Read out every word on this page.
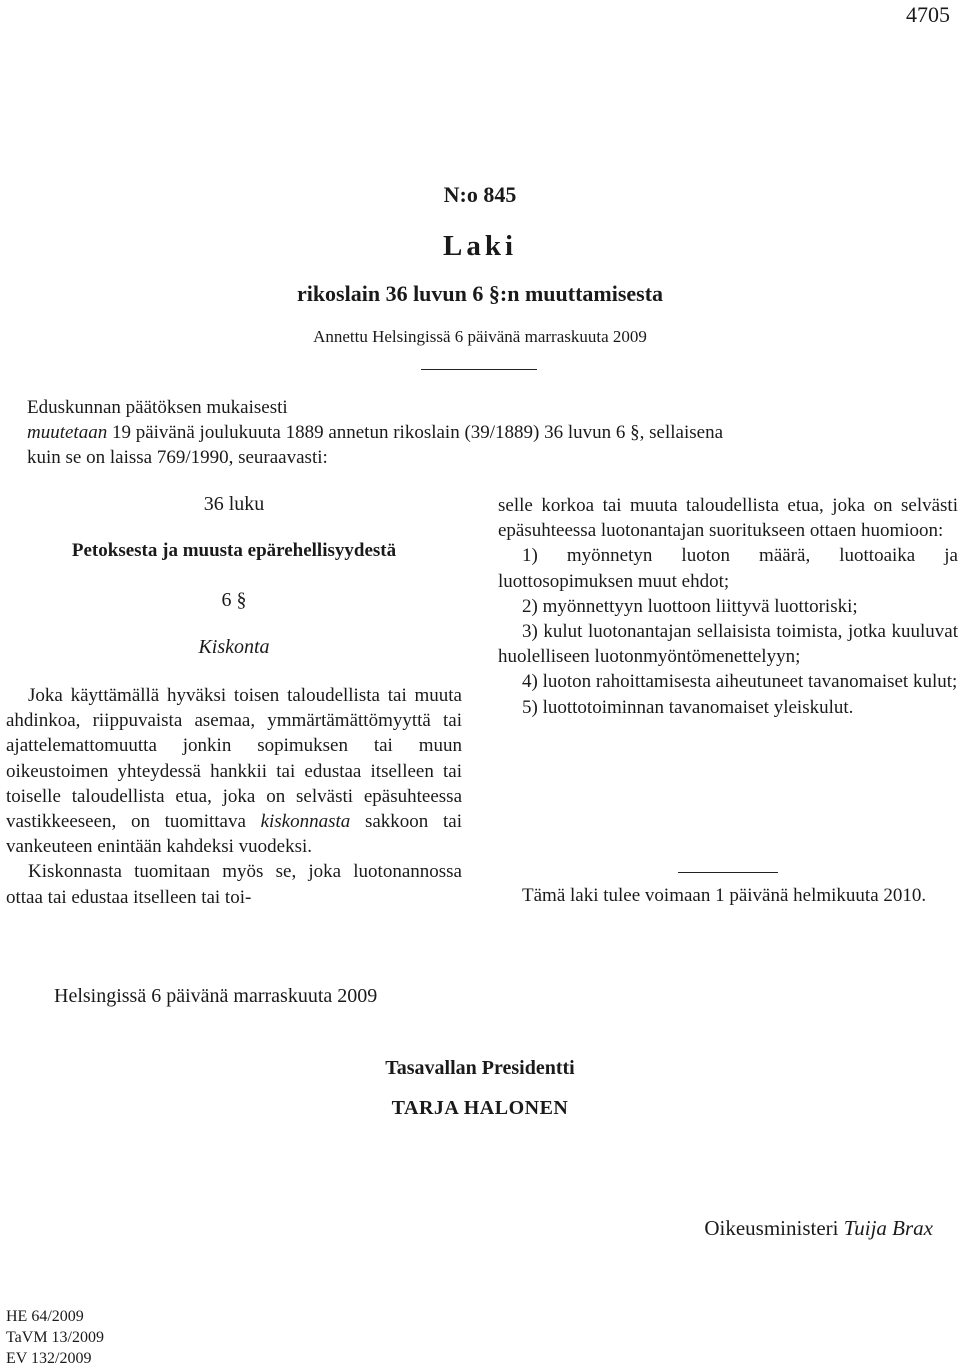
4705
N:o 845
Laki
rikoslain 36 luvun 6 §:n muuttamisesta
Annettu Helsingissä 6 päivänä marraskuuta 2009
Eduskunnan päätöksen mukaisesti
muutetaan 19 päivänä joulukuuta 1889 annetun rikoslain (39/1889) 36 luvun 6 §, sellaisena
kuin se on laissa 769/1990, seuraavasti:
36 luku
Petoksesta ja muusta epärehellisyydestä
6 §
Kiskonta

Joka käyttämällä hyväksi toisen taloudellista tai muuta ahdinkoa, riippuvaista asemaa, ymmärtämättömyyttä tai ajattelemattomuutta jonkin sopimuksen tai muun oikeustoimen yhteydessä hankkii tai edustaa itselleen tai toiselle taloudellista etua, joka on selvästi epäsuhteessa vastikkeeseen, on tuomittava kiskonnasta sakkoon tai vankeuteen enintään kahdeksi vuodeksi.

Kiskonnasta tuomitaan myös se, joka luotonannossa ottaa tai edustaa itselleen tai toi-

selle korkoa tai muuta taloudellista etua, joka on selvästi epäsuhteessa luotonantajan suoritukseen ottaen huomioon:

1) myönnetyn luoton määrä, luottoaika ja luottosopimuksen muut ehdot;

2) myönnettyyn luottoon liittyvä luottoriski;

3) kulut luotonantajan sellaisista toimista, jotka kuuluvat huolelliseen luotonmyöntömenettelyyn;

4) luoton rahoittamisesta aiheutuneet tavanomaiset kulut;

5) luottotoiminnan tavanomaiset yleiskulut.

Tämä laki tulee voimaan 1 päivänä helmikuuta 2010.

Helsingissä 6 päivänä marraskuuta 2009
Tasavallan Presidentti
TARJA HALONEN
Oikeusministeri Tuija Brax
HE 64/2009
TaVM 13/2009
EV 132/2009
